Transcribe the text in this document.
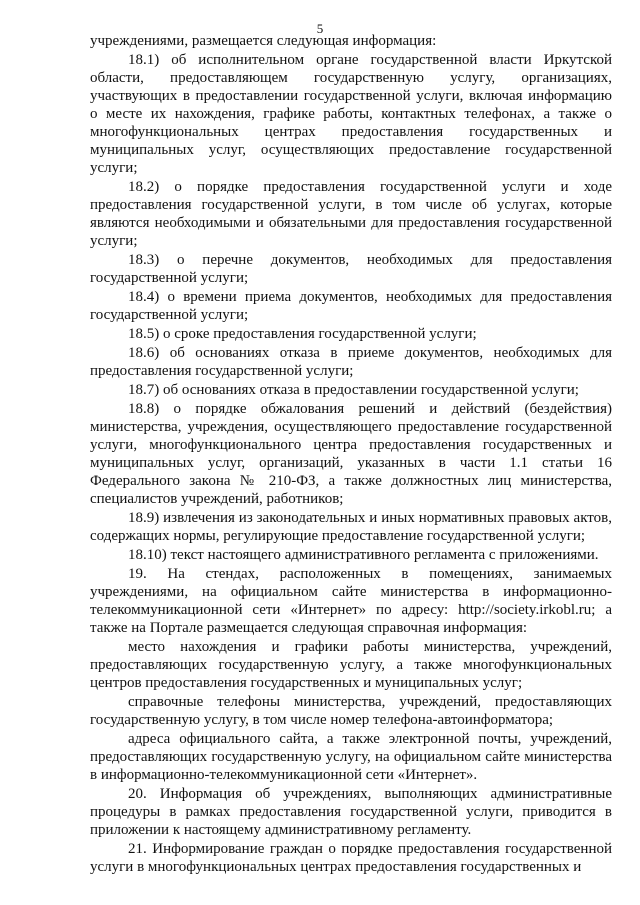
5

учреждениями, размещается следующая информация:

18.1) об исполнительном органе государственной власти Иркутской области, предоставляющем государственную услугу, организациях, участвующих в предоставлении государственной услуги, включая информацию о месте их нахождения, графике работы, контактных телефонах, а также о многофункциональных центрах предоставления государственных и муниципальных услуг, осуществляющих предоставление государственной услуги;

18.2) о порядке предоставления государственной услуги и ходе предоставления государственной услуги, в том числе об услугах, которые являются необходимыми и обязательными для предоставления государственной услуги;

18.3) о перечне документов, необходимых для предоставления государственной услуги;

18.4) о времени приема документов, необходимых для предоставления государственной услуги;

18.5) о сроке предоставления государственной услуги;

18.6) об основаниях отказа в приеме документов, необходимых для предоставления государственной услуги;

18.7) об основаниях отказа в предоставлении государственной услуги;

18.8) о порядке обжалования решений и действий (бездействия) министерства, учреждения, осуществляющего предоставление государственной услуги, многофункционального центра предоставления государственных и муниципальных услуг, организаций, указанных в части 1.1 статьи 16 Федерального закона № 210-ФЗ, а также должностных лиц министерства, специалистов учреждений, работников;

18.9) извлечения из законодательных и иных нормативных правовых актов, содержащих нормы, регулирующие предоставление государственной услуги;

18.10) текст настоящего административного регламента с приложениями.

19. На стендах, расположенных в помещениях, занимаемых учреждениями, на официальном сайте министерства в информационно-телекоммуникационной сети «Интернет» по адресу: http://society.irkobl.ru; а также на Портале размещается следующая справочная информация:

место нахождения и графики работы министерства, учреждений, предоставляющих государственную услугу, а также многофункциональных центров предоставления государственных и муниципальных услуг;

справочные телефоны министерства, учреждений, предоставляющих государственную услугу, в том числе номер телефона-автоинформатора;

адреса официального сайта, а также электронной почты, учреждений, предоставляющих государственную услугу, на официальном сайте министерства в информационно-телекоммуникационной сети «Интернет».

20. Информация об учреждениях, выполняющих административные процедуры в рамках предоставления государственной услуги, приводится в приложении к настоящему административному регламенту.

21. Информирование граждан о порядке предоставления государственной услуги в многофункциональных центрах предоставления государственных и
